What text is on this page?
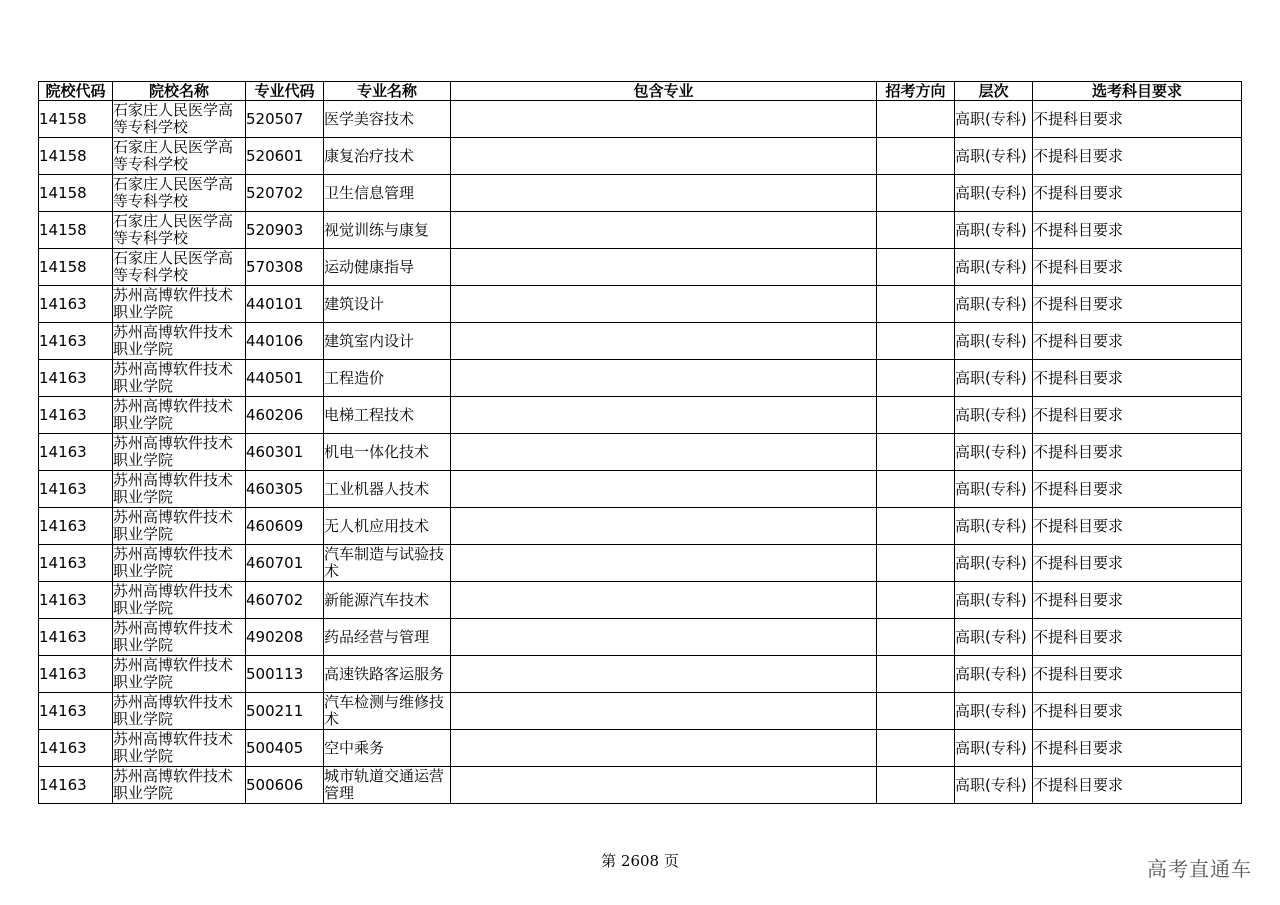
院校代码	院校名称	专业代码	专业名称	包含专业	招考方向	层次	选考科目要求
14158	石家庄人民医学高等专科学校	520507	医学美容技术			高职(专科)	不提科目要求
14158	石家庄人民医学高等专科学校	520601	康复治疗技术			高职(专科)	不提科目要求
14158	石家庄人民医学高等专科学校	520702	卫生信息管理			高职(专科)	不提科目要求
14158	石家庄人民医学高等专科学校	520903	视觉训练与康复			高职(专科)	不提科目要求
14158	石家庄人民医学高等专科学校	570308	运动健康指导			高职(专科)	不提科目要求
14163	苏州高博软件技术职业学院	440101	建筑设计			高职(专科)	不提科目要求
14163	苏州高博软件技术职业学院	440106	建筑室内设计			高职(专科)	不提科目要求
14163	苏州高博软件技术职业学院	440501	工程造价			高职(专科)	不提科目要求
14163	苏州高博软件技术职业学院	460206	电梯工程技术			高职(专科)	不提科目要求
14163	苏州高博软件技术职业学院	460301	机电一体化技术			高职(专科)	不提科目要求
14163	苏州高博软件技术职业学院	460305	工业机器人技术			高职(专科)	不提科目要求
14163	苏州高博软件技术职业学院	460609	无人机应用技术			高职(专科)	不提科目要求
14163	苏州高博软件技术职业学院	460701	汽车制造与试验技术			高职(专科)	不提科目要求
14163	苏州高博软件技术职业学院	460702	新能源汽车技术			高职(专科)	不提科目要求
14163	苏州高博软件技术职业学院	490208	药品经营与管理			高职(专科)	不提科目要求
14163	苏州高博软件技术职业学院	500113	高速铁路客运服务			高职(专科)	不提科目要求
14163	苏州高博软件技术职业学院	500211	汽车检测与维修技术			高职(专科)	不提科目要求
14163	苏州高博软件技术职业学院	500405	空中乘务			高职(专科)	不提科目要求
14163	苏州高博软件技术职业学院	500606	城市轨道交通运营管理			高职(专科)	不提科目要求
第 2608 页	高考直通车
